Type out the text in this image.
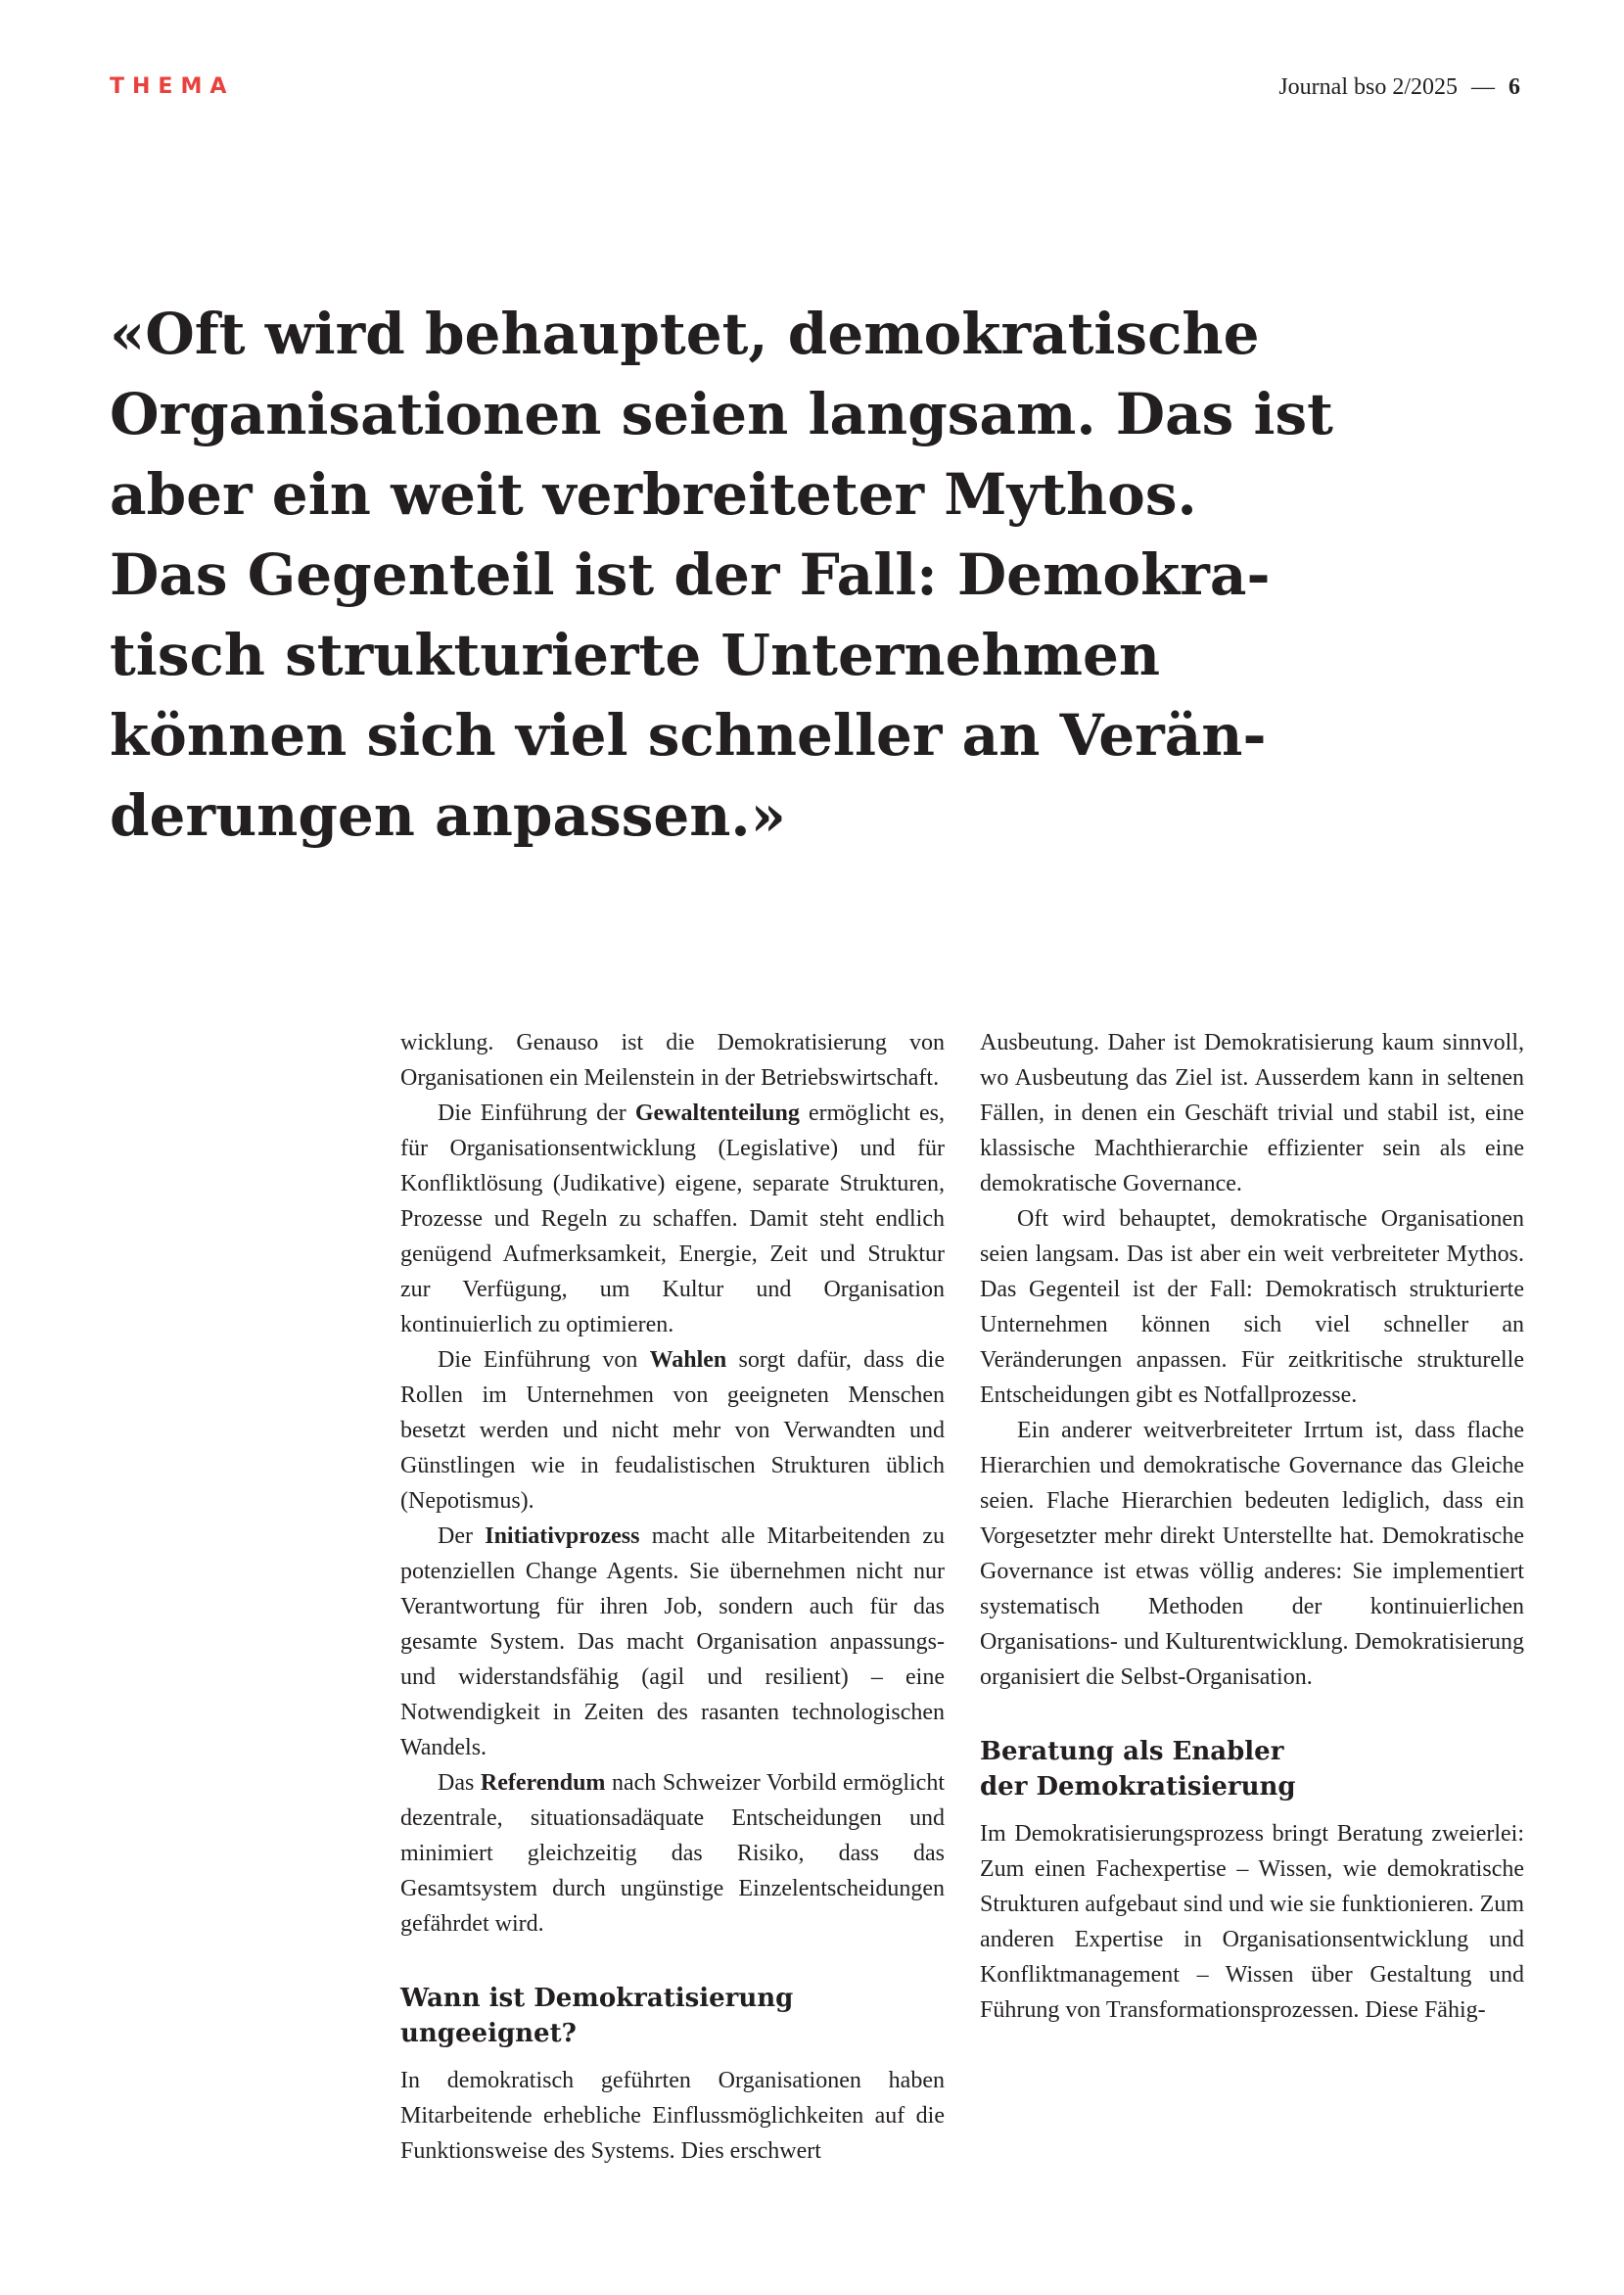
THEMA	Journal bso 2/2025 — 6
«Oft wird behauptet, demokratische
Organisationen seien langsam. Das ist
aber ein weit verbreiteter Mythos.
Das Gegenteil ist der Fall: Demokra-
tisch strukturierte Unternehmen
können sich viel schneller an Verän-
derungen anpassen.»

wicklung. Genauso ist die Demokratisierung von Organisationen ein Meilenstein in der Betriebswirtschaft.

Die Einführung der Gewaltenteilung ermöglicht es, für Organisationsentwicklung (Legislative) und für Konfliktlösung (Judikative) eigene, separate Strukturen, Prozesse und Regeln zu schaffen. Damit steht endlich genügend Aufmerksamkeit, Energie, Zeit und Struktur zur Verfügung, um Kultur und Organisation kontinuierlich zu optimieren.

Die Einführung von Wahlen sorgt dafür, dass die Rollen im Unternehmen von geeigneten Menschen besetzt werden und nicht mehr von Verwandten und Günstlingen wie in feudalistischen Strukturen üblich (Nepotismus).

Der Initiativprozess macht alle Mitarbeitenden zu potenziellen Change Agents. Sie übernehmen nicht nur Verantwortung für ihren Job, sondern auch für das gesamte System. Das macht Organisation anpassungs- und widerstandsfähig (agil und resilient) – eine Notwendigkeit in Zeiten des rasanten technologischen Wandels.

Das Referendum nach Schweizer Vorbild ermöglicht dezentrale, situationsadäquate Entscheidungen und minimiert gleichzeitig das Risiko, dass das Gesamtsystem durch ungünstige Einzelentscheidungen gefährdet wird.

Wann ist Demokratisierung ungeeignet?

In demokratisch geführten Organisationen haben Mitarbeitende erhebliche Einflussmöglichkeiten auf die Funktionsweise des Systems. Dies erschwert

Ausbeutung. Daher ist Demokratisierung kaum sinnvoll, wo Ausbeutung das Ziel ist. Ausserdem kann in seltenen Fällen, in denen ein Geschäft trivial und stabil ist, eine klassische Machthierarchie effizienter sein als eine demokratische Governance.

Oft wird behauptet, demokratische Organisationen seien langsam. Das ist aber ein weit verbreiteter Mythos. Das Gegenteil ist der Fall: Demokratisch strukturierte Unternehmen können sich viel schneller an Veränderungen anpassen. Für zeitkritische strukturelle Entscheidungen gibt es Notfallprozesse.

Ein anderer weitverbreiteter Irrtum ist, dass flache Hierarchien und demokratische Governance das Gleiche seien. Flache Hierarchien bedeuten lediglich, dass ein Vorgesetzter mehr direkt Unterstellte hat. Demokratische Governance ist etwas völlig anderes: Sie implementiert systematisch Methoden der kontinuierlichen Organisations- und Kulturentwicklung. Demokratisierung organisiert die Selbst-Organisation.

Beratung als Enabler
der Demokratisierung

Im Demokratisierungsprozess bringt Beratung zweierlei: Zum einen Fachexpertise – Wissen, wie demokratische Strukturen aufgebaut sind und wie sie funktionieren. Zum anderen Expertise in Organisationsentwicklung und Konfliktmanagement – Wissen über Gestaltung und Führung von Transformationsprozessen. Diese Fähig-
